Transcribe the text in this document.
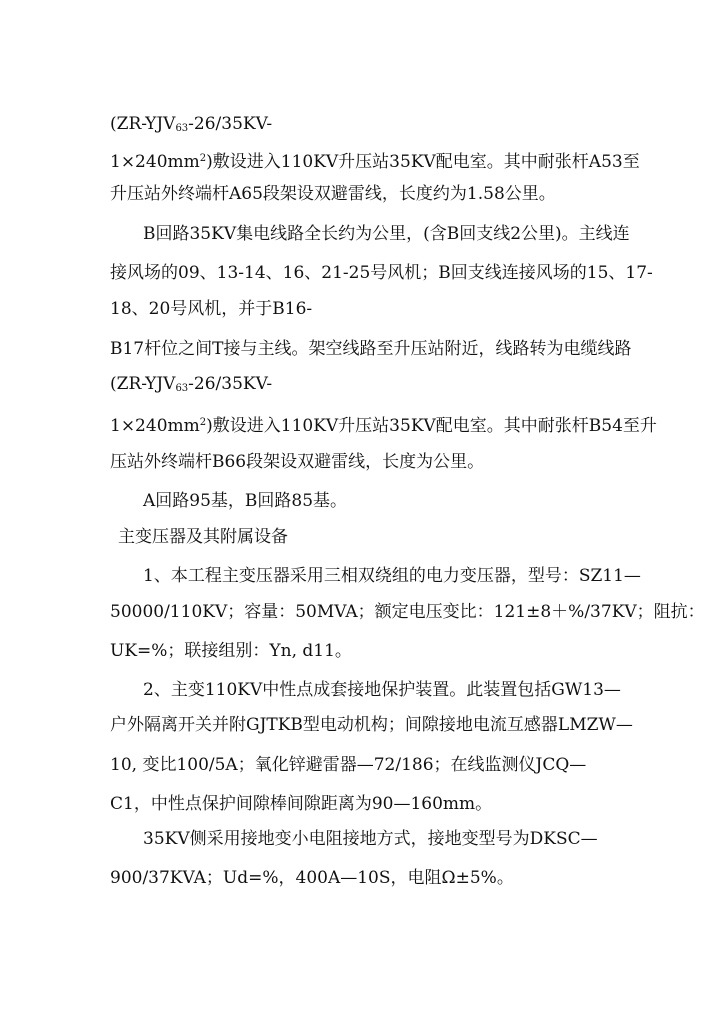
($ZR-YJV_{63}-26/35KV-$
$1\times 240mm^2$)敷设进入110KV升压站35KV配电室。其中耐张杆A53至
升压站外终端杆A65段架设双避雷线，长度约为1.58公里。
B回路35KV集电线路全长约为公里，(含B回支线2公里)。主线连
接风场的09、13-14、16、21-25号风机；B回支线连接风场的15、17-
18、20号风机，并于B16-
B17杆位之间T接与主线。架空线路至升压站附近，线路转为电缆线路
($ZR-YJV_{63}-26/35KV-$
$1\times 240mm^2$)敷设进入110KV升压站35KV配电室。其中耐张杆B54至升
压站外终端杆B66段架设双避雷线，长度为公里。
A回路95基，B回路85基。
主变压器及其附属设备
1、本工程主变压器采用三相双绕组的电力变压器，型号：SZ11—
50000/110KV；容量：50MVA；额定电压变比：121±8＋%/37KV；阻抗：
UK=%；联接组别：Yn, d11。
2、主变110KV中性点成套接地保护装置。此装置包括GW13—
户外隔离开关并附GJTKB型电动机构；间隙接地电流互感器LMZW—
10, 变比100/5A；氧化锌避雷器—72/186；在线监测仪JCQ—
C1，中性点保护间隙棒间隙距离为90—160mm。
35KV侧采用接地变小电阻接地方式，接地变型号为DKSC—
900/37KVA；Ud=%，400A—10S，电阻Ω±5%。
